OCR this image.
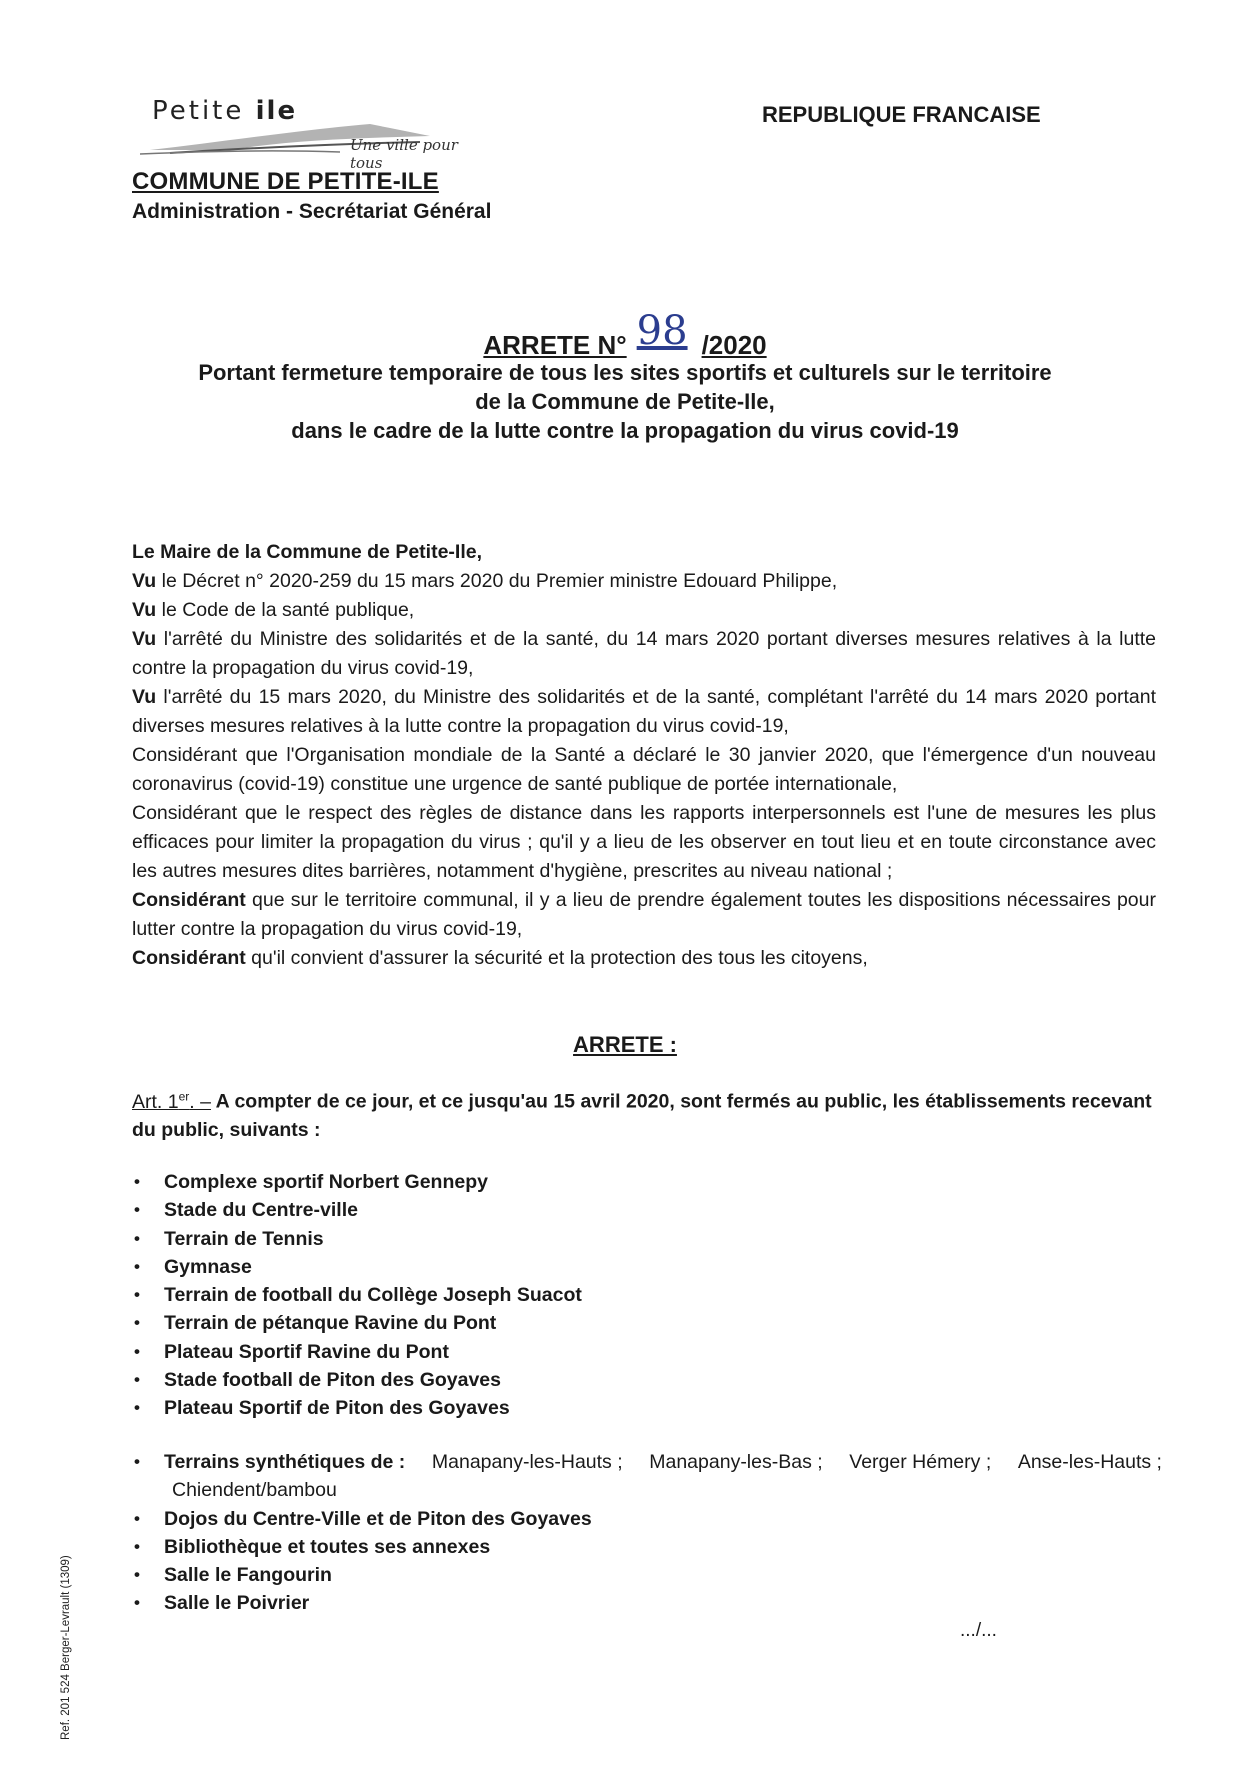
Petite ile
Une ville pour tous
COMMUNE DE PETITE-ILE
Administration - Secrétariat Général
REPUBLIQUE FRANCAISE
ARRETE N° 98 /2020
Portant fermeture temporaire de tous les sites sportifs et culturels sur le territoire
de la Commune de Petite-Ile,
dans le cadre de la lutte contre la propagation du virus covid-19

Le Maire de la Commune de Petite-Ile,

Vu le Décret n° 2020-259 du 15 mars 2020 du Premier ministre Edouard Philippe,

Vu le Code de la santé publique,

Vu l'arrêté du Ministre des solidarités et de la santé, du 14 mars 2020 portant diverses mesures relatives à la lutte contre la propagation du virus covid-19,

Vu l'arrêté du 15 mars 2020, du Ministre des solidarités et de la santé, complétant l'arrêté du 14 mars 2020 portant diverses mesures relatives à la lutte contre la propagation du virus covid-19,

Considérant que l'Organisation mondiale de la Santé a déclaré le 30 janvier 2020, que l'émergence d'un nouveau coronavirus (covid-19) constitue une urgence de santé publique de portée internationale,

Considérant que le respect des règles de distance dans les rapports interpersonnels est l'une de mesures les plus efficaces pour limiter la propagation du virus ; qu'il y a lieu de les observer en tout lieu et en toute circonstance avec les autres mesures dites barrières, notamment d'hygiène, prescrites au niveau national ;

Considérant que sur le territoire communal, il y a lieu de prendre également toutes les dispositions nécessaires pour lutter contre la propagation du virus covid-19,

Considérant qu'il convient d'assurer la sécurité et la protection des tous les citoyens,

ARRETE :
Art. 1er. – A compter de ce jour, et ce jusqu'au 15 avril 2020, sont fermés au public, les établissements recevant du public, suivants :
• Complexe sportif Norbert Gennepy
• Stade du Centre-ville
• Terrain de Tennis
• Gymnase
• Terrain de football du Collège Joseph Suacot
• Terrain de pétanque Ravine du Pont
• Plateau Sportif Ravine du Pont
• Stade football de Piton des Goyaves
• Plateau Sportif de Piton des Goyaves
• Terrains synthétiques de : Manapany-les-Hauts ; Manapany-les-Bas ; Verger Hémery ; Anse-les-Hauts ;
Chiendent/bambou
• Dojos du Centre-Ville et de Piton des Goyaves
• Bibliothèque et toutes ses annexes
• Salle le Fangourin
• Salle le Poivrier
.../...
Ref. 201 524 Berger-Levrault (1309)
